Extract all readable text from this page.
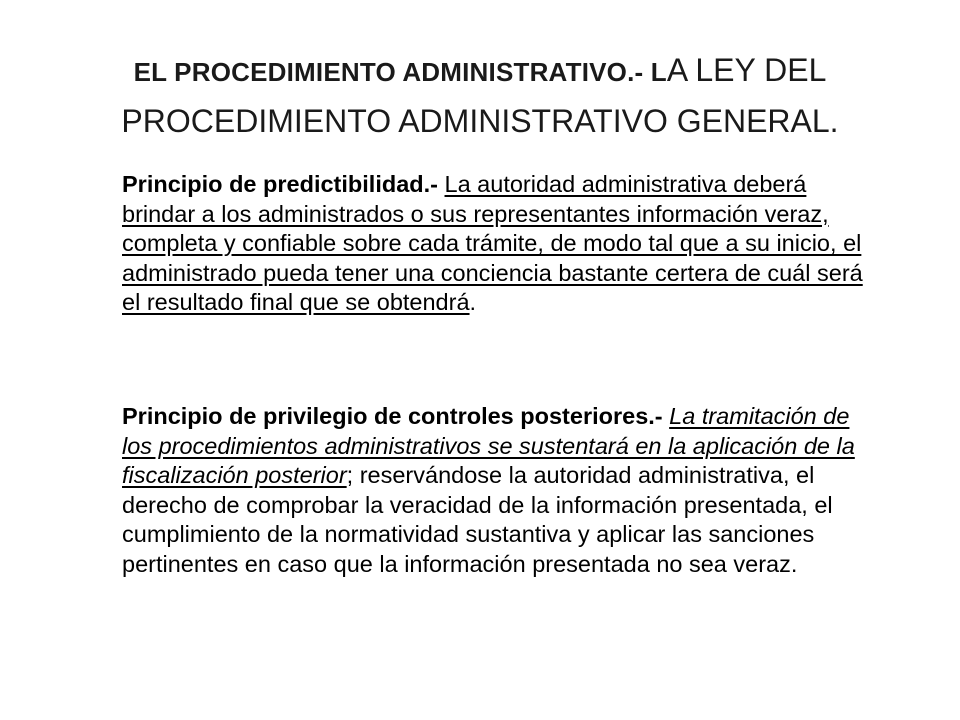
EL PROCEDIMIENTO ADMINISTRATIVO.- LA LEY DEL
PROCEDIMIENTO ADMINISTRATIVO GENERAL.
Principio de predictibilidad.- La autoridad administrativa deberá brindar a los administrados o sus representantes información veraz, completa y confiable sobre cada trámite, de modo tal que a su inicio, el administrado pueda tener una conciencia bastante certera de cuál será el resultado final que se obtendrá.
Principio de privilegio de controles posteriores.- La tramitación de los procedimientos administrativos se sustentará en la aplicación de la fiscalización posterior; reservándose la autoridad administrativa, el derecho de comprobar la veracidad de la información presentada, el cumplimiento de la normatividad sustantiva y aplicar las sanciones pertinentes en caso que la información presentada no sea veraz.
